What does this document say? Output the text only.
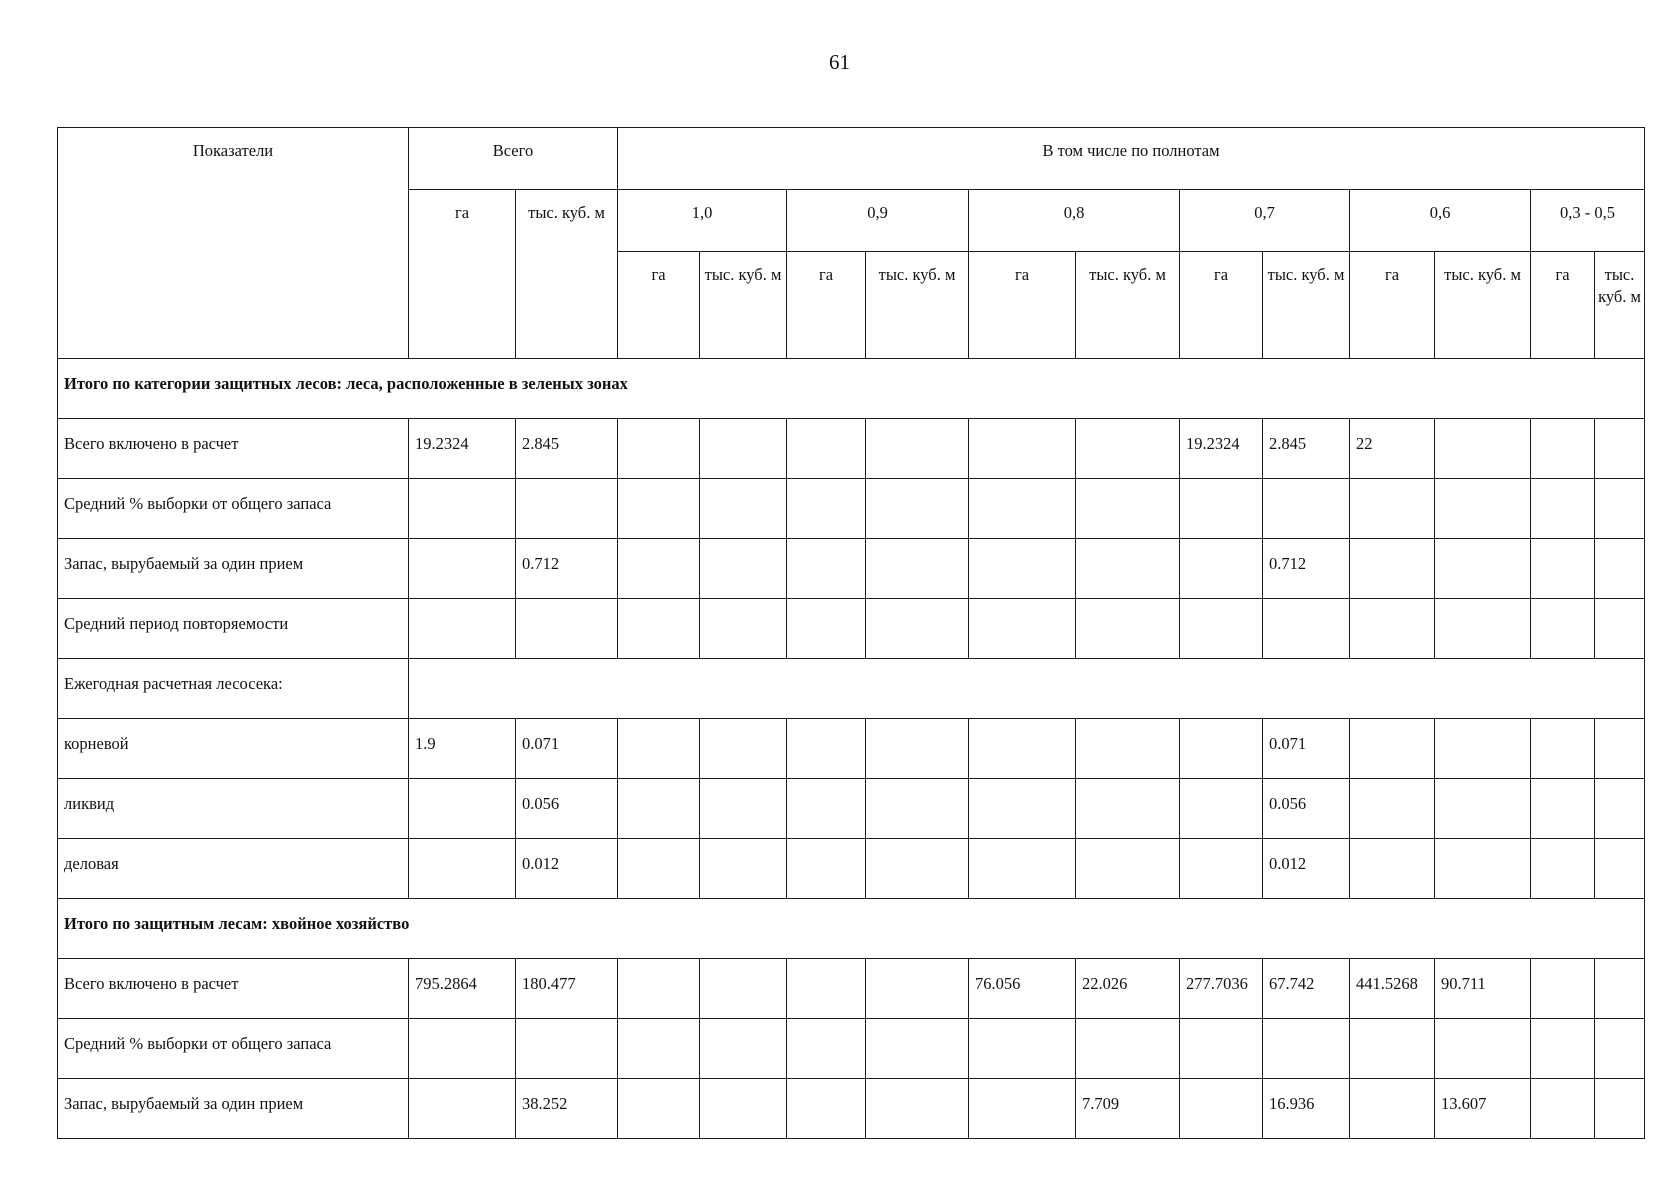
61
Показатели	Всего		В том числе по полнотам											

	га	тыс. куб. м	1,0		0,9		0,8		0,7		0,6		0,3 - 0,5	

			га	тыс. куб. м	га	тыс. куб. м	га	тыс. куб. м	га	тыс. куб. м	га	тыс. куб. м	га	тыс. куб. м

Итого по категории защитных лесов: леса, расположенные в зеленых зонах														

Всего включено в расчет	19.2324	2.845							19.2324	2.845	22			

Средний % выборки от общего запаса														

Запас, вырубаемый за один прием		0.712								0.712				

Средний период повторяемости														

Ежегодная расчетная лесосека:														

корневой	1.9	0.071								0.071				

ликвид		0.056								0.056				

деловая		0.012								0.012				

Итого по защитным лесам: хвойное хозяйство														

Всего включено в расчет	795.2864	180.477					76.056	22.026	277.7036	67.742	441.5268	90.711		

Средний % выборки от общего запаса														

Запас, вырубаемый за один прием		38.252						7.709		16.936		13.607		
